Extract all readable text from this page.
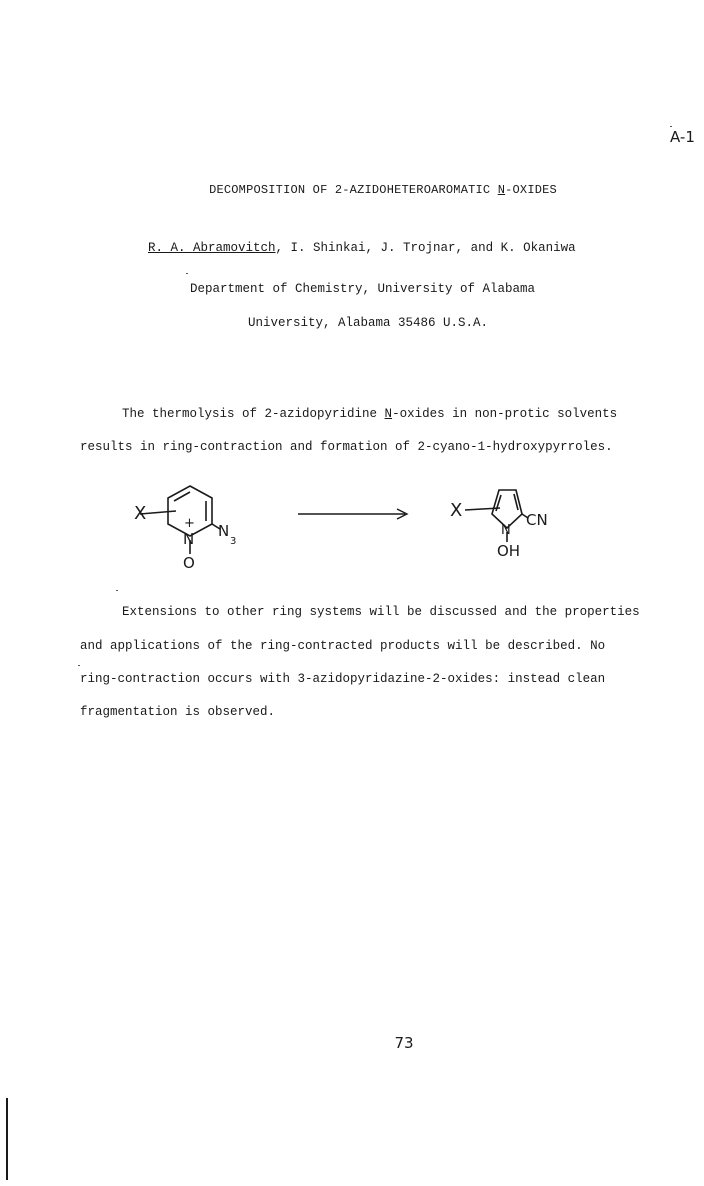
A-1
DECOMPOSITION OF 2-AZIDOHETEROAROMATIC N-OXIDES
R. A. Abramovitch, I. Shinkai, J. Trojnar, and K. Okaniwa
Department of Chemistry, University of Alabama
University, Alabama 35486 U.S.A.
The thermolysis of 2-azidopyridine N-oxides in non-protic solvents
results in ring-contraction and formation of 2-cyano-1-hydroxypyrroles.
X	+
N N
3
O
X
N
CN
OH
Extensions to other ring systems will be discussed and the properties
and applications of the ring-contracted products will be described. No
ring-contraction occurs with 3-azidopyridazine-2-oxides: instead clean
fragmentation is observed.
73
